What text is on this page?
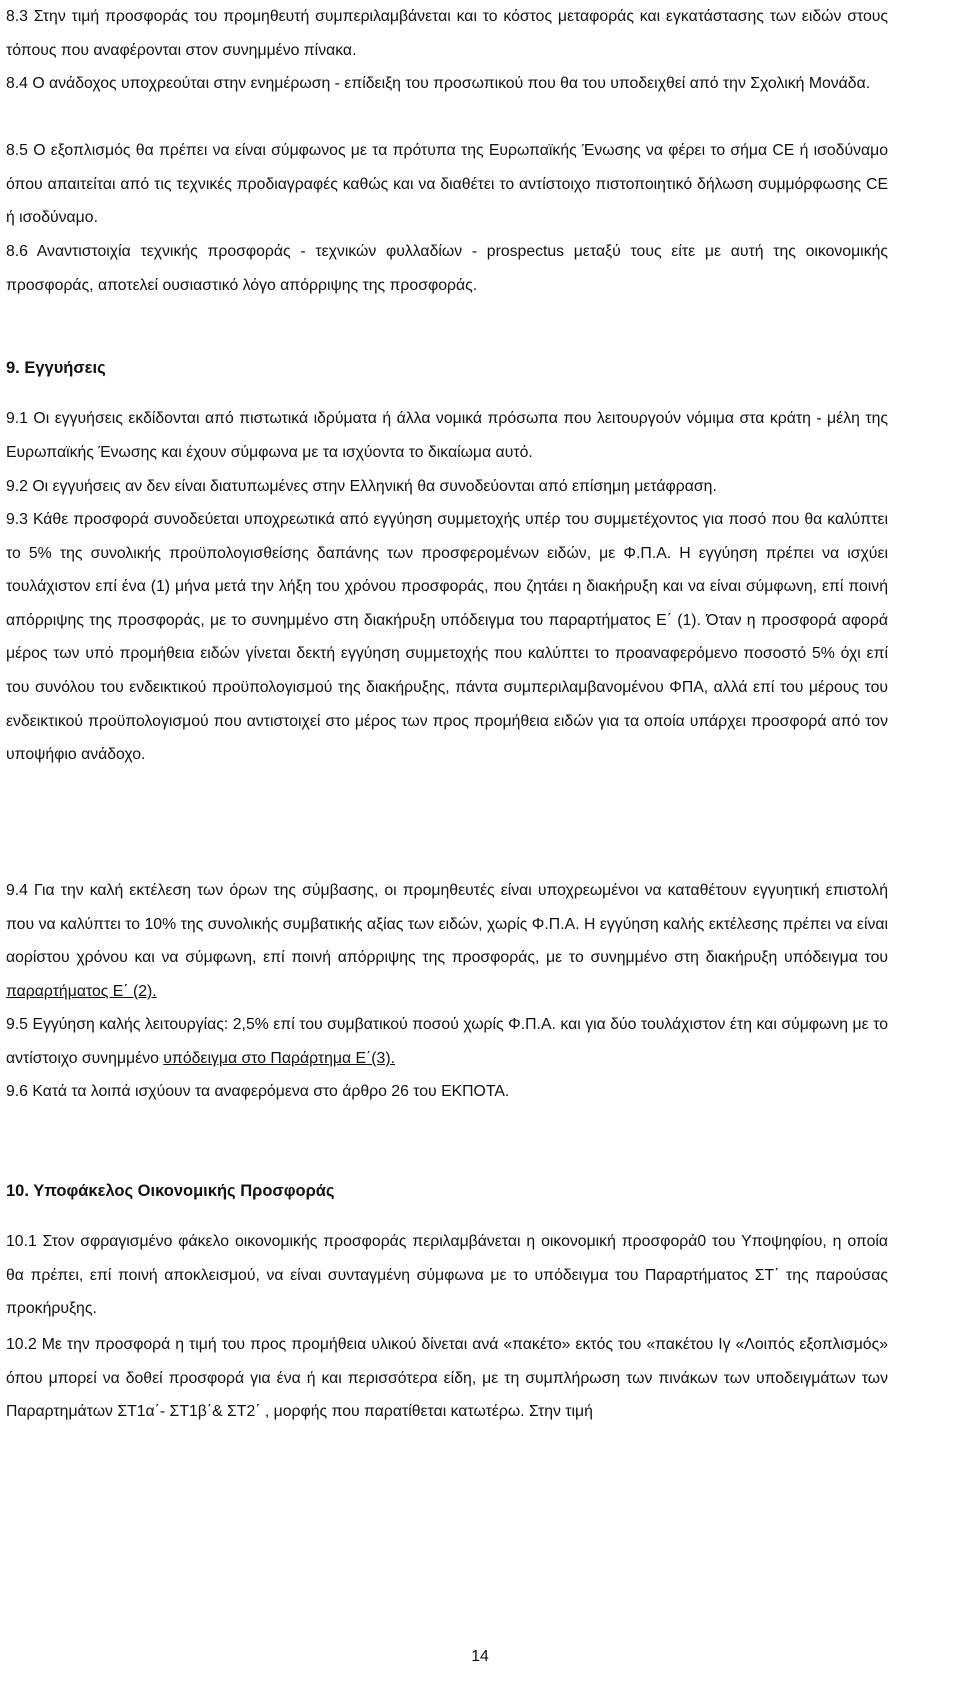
8.3 Στην τιμή προσφοράς του προμηθευτή συμπεριλαμβάνεται και το κόστος μεταφοράς και εγκατάστασης των ειδών στους τόπους που αναφέρονται στον συνημμένο πίνακα.

8.4 Ο ανάδοχος υποχρεούται στην ενημέρωση - επίδειξη του προσωπικού που θα του υποδειχθεί από την Σχολική Μονάδα.

8.5 Ο εξοπλισμός θα πρέπει να είναι σύμφωνος με τα πρότυπα της Ευρωπαϊκής Ένωσης να φέρει το σήμα CE ή ισοδύναμο όπου απαιτείται από τις τεχνικές προδιαγραφές καθώς και να διαθέτει το αντίστοιχο πιστοποιητικό δήλωση συμμόρφωσης CE ή ισοδύναμο.

8.6 Αναντιστοιχία τεχνικής προσφοράς - τεχνικών φυλλαδίων - prospectus μεταξύ τους είτε με αυτή της οικονομικής προσφοράς, αποτελεί ουσιαστικό λόγο απόρριψης της προσφοράς.

9. Εγγυήσεις

9.1 Οι εγγυήσεις εκδίδονται από πιστωτικά ιδρύματα ή άλλα νομικά πρόσωπα που λειτουργούν νόμιμα στα κράτη - μέλη της Ευρωπαϊκής Ένωσης και έχουν σύμφωνα με τα ισχύοντα το δικαίωμα αυτό.

9.2 Οι εγγυήσεις αν δεν είναι διατυπωμένες στην Ελληνική θα συνοδεύονται από επίσημη μετάφραση.

9.3 Κάθε προσφορά συνοδεύεται υποχρεωτικά από εγγύηση συμμετοχής υπέρ του συμμετέχοντος για ποσό που θα καλύπτει το 5% της συνολικής προϋπολογισθείσης δαπάνης των προσφερομένων ειδών, με Φ.Π.Α. Η εγγύηση πρέπει να ισχύει τουλάχιστον επί ένα (1) μήνα μετά την λήξη του χρόνου προσφοράς, που ζητάει η διακήρυξη και να είναι σύμφωνη, επί ποινή απόρριψης της προσφοράς, με το συνημμένο στη διακήρυξη υπόδειγμα του παραρτήματος Ε΄ (1). Όταν η προσφορά αφορά μέρος των υπό προμήθεια ειδών γίνεται δεκτή εγγύηση συμμετοχής που καλύπτει το προαναφερόμενο ποσοστό 5% όχι επί του συνόλου του ενδεικτικού προϋπολογισμού της διακήρυξης, πάντα συμπεριλαμβανομένου ΦΠΑ, αλλά επί του μέρους του ενδεικτικού προϋπολογισμού που αντιστοιχεί στο μέρος των προς προμήθεια ειδών για τα οποία υπάρχει προσφορά από τον υποψήφιο ανάδοχο.

9.4 Για την καλή εκτέλεση των όρων της σύμβασης, οι προμηθευτές είναι υποχρεωμένοι να καταθέτουν εγγυητική επιστολή που να καλύπτει το 10% της συνολικής συμβατικής αξίας των ειδών, χωρίς Φ.Π.Α. Η εγγύηση καλής εκτέλεσης πρέπει να είναι αορίστου χρόνου και να σύμφωνη, επί ποινή απόρριψης της προσφοράς, με το συνημμένο στη διακήρυξη υπόδειγμα του παραρτήματος Ε΄ (2).

9.5 Εγγύηση καλής λειτουργίας: 2,5% επί του συμβατικού ποσού χωρίς Φ.Π.Α. και για δύο τουλάχιστον έτη και σύμφωνη με το αντίστοιχο συνημμένο υπόδειγμα στο Παράρτημα Ε΄(3).

9.6 Κατά τα λοιπά ισχύουν τα αναφερόμενα στο άρθρο 26 του ΕΚΠΟΤΑ.

10. Υποφάκελος Οικονομικής Προσφοράς

10.1 Στον σφραγισμένο φάκελο οικονομικής προσφοράς περιλαμβάνεται η οικονομική προσφορά0 του Υποψηφίου, η οποία θα πρέπει, επί ποινή αποκλεισμού, να είναι συνταγμένη σύμφωνα με το υπόδειγμα του Παραρτήματος ΣΤ΄ της παρούσας προκήρυξης.

10.2 Με την προσφορά η τιμή του προς προμήθεια υλικού δίνεται ανά «πακέτο» εκτός του «πακέτου Ιγ «Λοιπός εξοπλισμός» όπου μπορεί να δοθεί προσφορά για ένα ή και περισσότερα είδη, με τη συμπλήρωση των πινάκων των υποδειγμάτων των Παραρτημάτων ΣΤ1α΄- ΣΤ1β΄& ΣΤ2΄ , μορφής που παρατίθεται κατωτέρω. Στην τιμή

14
